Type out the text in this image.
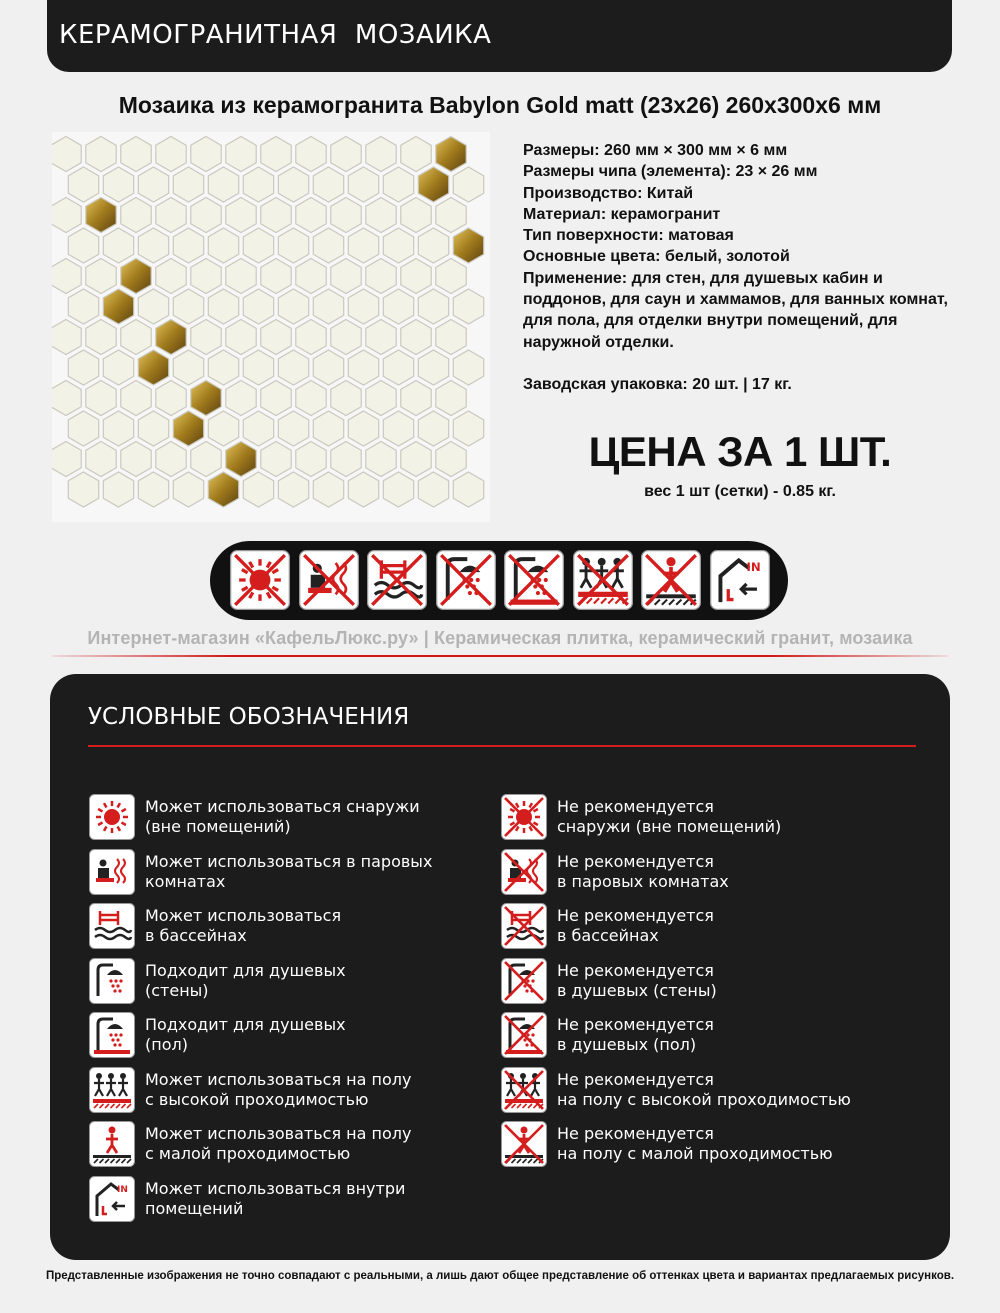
КЕРАМОГРАНИТНАЯ  МОЗАИКА
Мозаика из керамогранита Babylon Gold matt (23x26) 260x300x6 мм
Размеры: 260 мм × 300 мм × 6 мм
Размеры чипа (элемента): 23 × 26 мм
Производство: Китай
Материал: керамогранит
Тип поверхности: матовая
Основные цвета: белый, золотой
Применение: для стен, для душевых кабин и
поддонов, для саун и хаммамов, для ванных комнат,
для пола, для отделки внутри помещений, для
наружной отделки.
Заводская упаковка: 20 шт. | 17 кг.
ЦЕНА ЗА 1 ШТ.
вес 1 шт (сетки) - 0.85 кг.
IN
Интернет-магазин «КафельЛюкс.ру» | Керамическая плитка, керамический гранит, мозаика
УСЛОВНЫЕ ОБОЗНАЧЕНИЯ
Может использоваться снаружи
(вне помещений)
Может использоваться в паровых
комнатах
Может использоваться
в бассейнах
Подходит для душевых
(стены)
Подходит для душевых
(пол)
Может использоваться на полу
с высокой проходимостью
Может использоваться на полу
с малой проходимостью
IN Может использоваться внутри
помещений
Не рекомендуется
снаружи (вне помещений)
Не рекомендуется
в паровых комнатах
Не рекомендуется
в бассейнах
Не рекомендуется
в душевых (стены)
Не рекомендуется
в душевых (пол)
Не рекомендуется
на полу с высокой проходимостью
Не рекомендуется
на полу с малой проходимостью
Представленные изображения не точно совпадают с реальными, а лишь дают общее представление об оттенках цвета и вариантах предлагаемых рисунков.
